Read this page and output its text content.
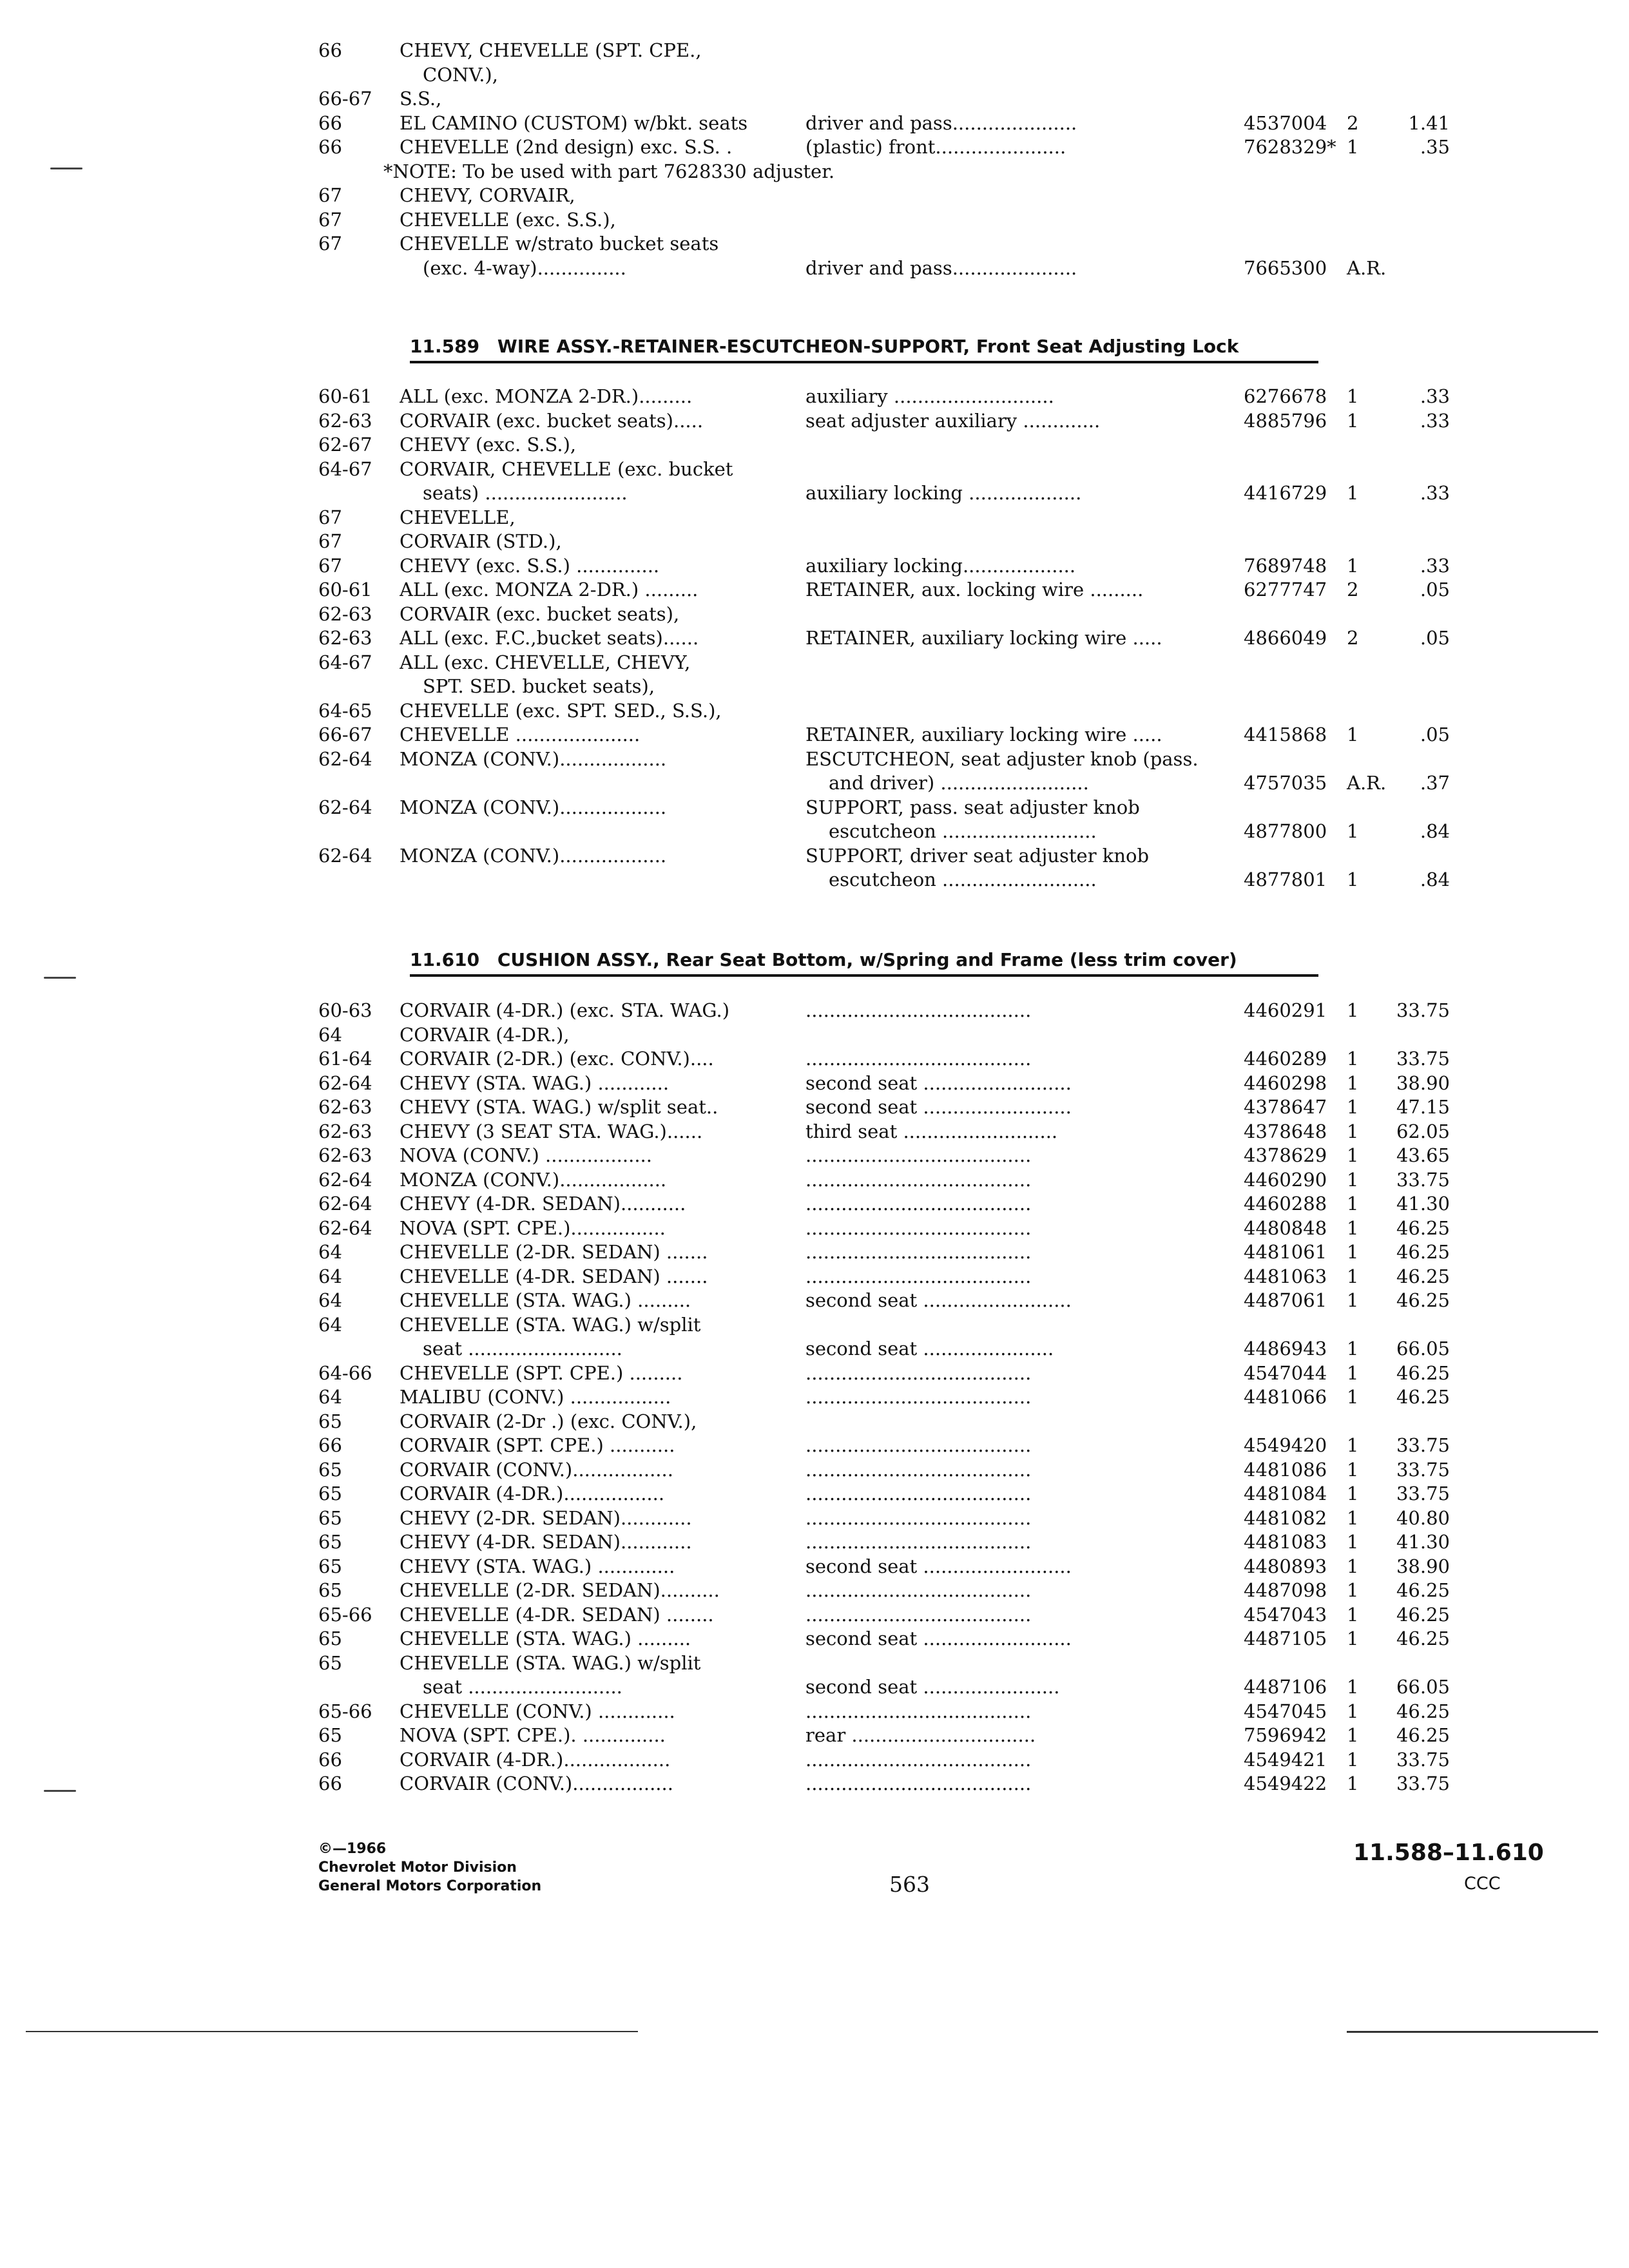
66	CHEVY, CHEVELLE (SPT. CPE.,
CONV.),
66-67	S.S.,
66	EL CAMINO (CUSTOM) w/bkt. seats	driver and pass.....................	4537004	2	1.41
66	CHEVELLE (2nd design) exc. S.S. .	(plastic) front......................	7628329* 1	.35
*NOTE: To be used with part 7628330 adjuster.
67	CHEVY, CORVAIR,
67	CHEVELLE (exc. S.S.),
67	CHEVELLE w/strato bucket seats
(exc. 4-way)...............	driver and pass.....................	7665300	A.R.
11.589 WIRE ASSY.-RETAINER-ESCUTCHEON-SUPPORT, Front Seat Adjusting Lock
60-61	ALL (exc. MONZA 2-DR.).........	auxiliary ...........................	6276678	1	.33
62-63	CORVAIR (exc. bucket seats).....	seat adjuster auxiliary .............	4885796	1	.33
62-67	CHEVY (exc. S.S.),
64-67	CORVAIR, CHEVELLE (exc. bucket
seats) ........................	auxiliary locking ...................	4416729	1	.33
67	CHEVELLE,
67	CORVAIR (STD.),
67	CHEVY (exc. S.S.) ..............	auxiliary locking...................	7689748	1	.33
60-61	ALL (exc. MONZA 2-DR.) .........	RETAINER, aux. locking wire .........	6277747	2	.05
62-63	CORVAIR (exc. bucket seats),
62-63	ALL (exc. F.C.,bucket seats)......	RETAINER, auxiliary locking wire .....	4866049	2	.05
64-67	ALL (exc. CHEVELLE, CHEVY,
SPT. SED. bucket seats),
64-65	CHEVELLE (exc. SPT. SED., S.S.),
66-67	CHEVELLE .....................	RETAINER, auxiliary locking wire .....	4415868	1	.05
62-64	MONZA (CONV.)..................	ESCUTCHEON, seat adjuster knob (pass.
and driver) .........................	4757035	A.R.	.37
62-64	MONZA (CONV.)..................	SUPPORT, pass. seat adjuster knob
escutcheon ..........................	4877800	1	.84
62-64	MONZA (CONV.)..................	SUPPORT, driver seat adjuster knob
escutcheon ..........................	4877801	1	.84
11.610 CUSHION ASSY., Rear Seat Bottom, w/Spring and Frame (less trim cover)
60-63	CORVAIR (4-DR.) (exc. STA. WAG.)	......................................	4460291	1	33.75
64	CORVAIR (4-DR.),
61-64	CORVAIR (2-DR.) (exc. CONV.)....	......................................	4460289	1	33.75
62-64	CHEVY (STA. WAG.) ............	second seat .........................	4460298	1	38.90
62-63	CHEVY (STA. WAG.) w/split seat..	second seat .........................	4378647	1	47.15
62-63	CHEVY (3 SEAT STA. WAG.)......	third seat ..........................	4378648	1	62.05
62-63	NOVA (CONV.) ..................	......................................	4378629	1	43.65
62-64	MONZA (CONV.)..................	......................................	4460290	1	33.75
62-64	CHEVY (4-DR. SEDAN)...........	......................................	4460288	1	41.30
62-64	NOVA (SPT. CPE.)................	......................................	4480848	1	46.25
64	CHEVELLE (2-DR. SEDAN) .......	......................................	4481061	1	46.25
64	CHEVELLE (4-DR. SEDAN) .......	......................................	4481063	1	46.25
64	CHEVELLE (STA. WAG.) .........	second seat .........................	4487061	1	46.25
64	CHEVELLE (STA. WAG.) w/split
seat ..........................	second seat ......................	4486943	1	66.05
64-66	CHEVELLE (SPT. CPE.) .........	......................................	4547044	1	46.25
64	MALIBU (CONV.) .................	......................................	4481066	1	46.25
65	CORVAIR (2-Dr .) (exc. CONV.),
66	CORVAIR (SPT. CPE.) ...........	......................................	4549420	1	33.75
65	CORVAIR (CONV.).................	......................................	4481086	1	33.75
65	CORVAIR (4-DR.).................	......................................	4481084	1	33.75
65	CHEVY (2-DR. SEDAN)............	......................................	4481082	1	40.80
65	CHEVY (4-DR. SEDAN)............	......................................	4481083	1	41.30
65	CHEVY (STA. WAG.) .............	second seat .........................	4480893	1	38.90
65	CHEVELLE (2-DR. SEDAN)..........	......................................	4487098	1	46.25
65-66	CHEVELLE (4-DR. SEDAN) ........	......................................	4547043	1	46.25
65	CHEVELLE (STA. WAG.) .........	second seat .........................	4487105	1	46.25
65	CHEVELLE (STA. WAG.) w/split
seat ..........................	second seat .......................	4487106	1	66.05
65-66	CHEVELLE (CONV.) .............	......................................	4547045	1	46.25
65	NOVA (SPT. CPE.). ..............	rear ...............................	7596942	1	46.25
66	CORVAIR (4-DR.)..................	......................................	4549421	1	33.75
66	CORVAIR (CONV.).................	......................................	4549422	1	33.75
©—1966
Chevrolet Motor Division
General Motors Corporation	563
11.588–11.610
CCC
